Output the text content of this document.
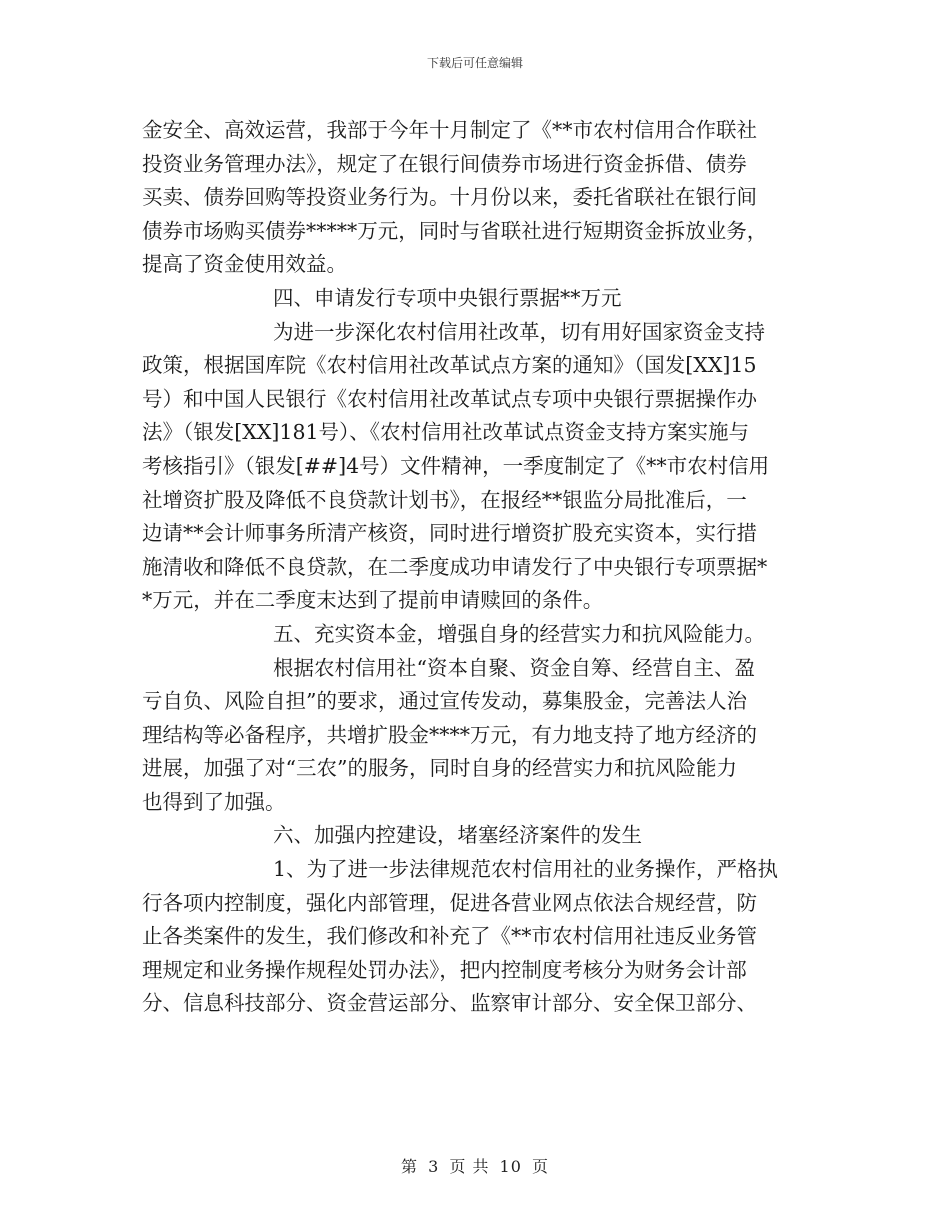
下载后可任意编辑
金安全、高效运营，我部于今年十月制定了《**市农村信用合作联社
投资业务管理办法》，规定了在银行间债券市场进行资金拆借、债券
买卖、债券回购等投资业务行为。十月份以来，委托省联社在银行间
债券市场购买债券*****万元，同时与省联社进行短期资金拆放业务，
提高了资金使用效益。
四、申请发行专项中央银行票据**万元
为进一步深化农村信用社改革，切有用好国家资金支持
政策，根据国库院《农村信用社改革试点方案的通知》（国发[XX]15
号）和中国人民银行《农村信用社改革试点专项中央银行票据操作办
法》（银发[XX]181号）、《农村信用社改革试点资金支持方案实施与
考核指引》（银发[##]4号）文件精神，一季度制定了《**市农村信用
社增资扩股及降低不良贷款计划书》，在报经**银监分局批准后，一
边请**会计师事务所清产核资，同时进行增资扩股充实资本，实行措
施清收和降低不良贷款，在二季度成功申请发行了中央银行专项票据*
*万元，并在二季度末达到了提前申请赎回的条件。
五、充实资本金，增强自身的经营实力和抗风险能力。
根据农村信用社“资本自聚、资金自筹、经营自主、盈
亏自负、风险自担”的要求，通过宣传发动，募集股金，完善法人治
理结构等必备程序，共增扩股金****万元，有力地支持了地方经济的
进展，加强了对“三农”的服务，同时自身的经营实力和抗风险能力
也得到了加强。
六、加强内控建设，堵塞经济案件的发生
1、为了进一步法律规范农村信用社的业务操作，严格执
行各项内控制度，强化内部管理，促进各营业网点依法合规经营，防
止各类案件的发生，我们修改和补充了《**市农村信用社违反业务管
理规定和业务操作规程处罚办法》，把内控制度考核分为财务会计部
分、信息科技部分、资金营运部分、监察审计部分、安全保卫部分、
第 3 页 共 10 页
